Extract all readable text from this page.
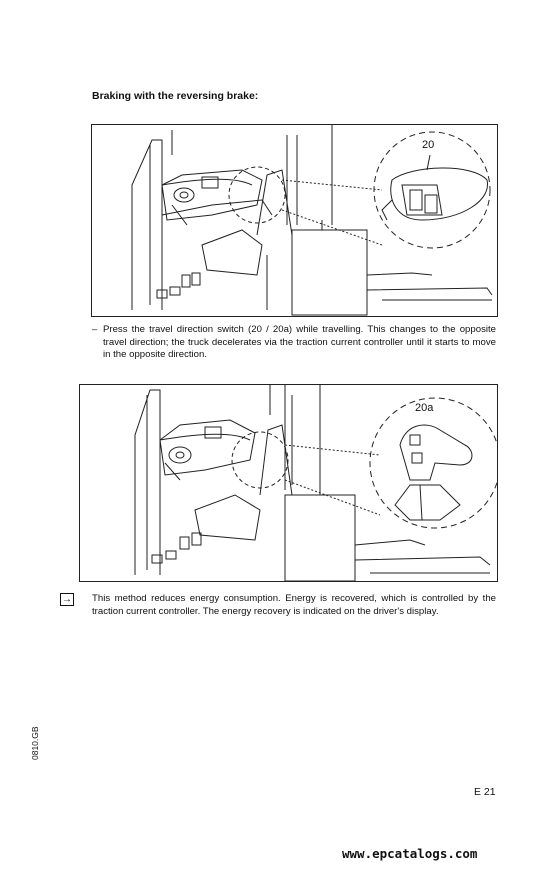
Braking with the reversing brake:
20
– Press the travel direction switch (20 / 20a) while travelling. This changes to the opposite travel direction; the truck decelerates via the traction current controller until it starts to move in the opposite direction.
20a
→ This method reduces energy consumption. Energy is recovered, which is controlled by the traction current controller. The energy recovery is indicated on the driver's display.
0810.GB
E 21
www.epcatalogs.com
